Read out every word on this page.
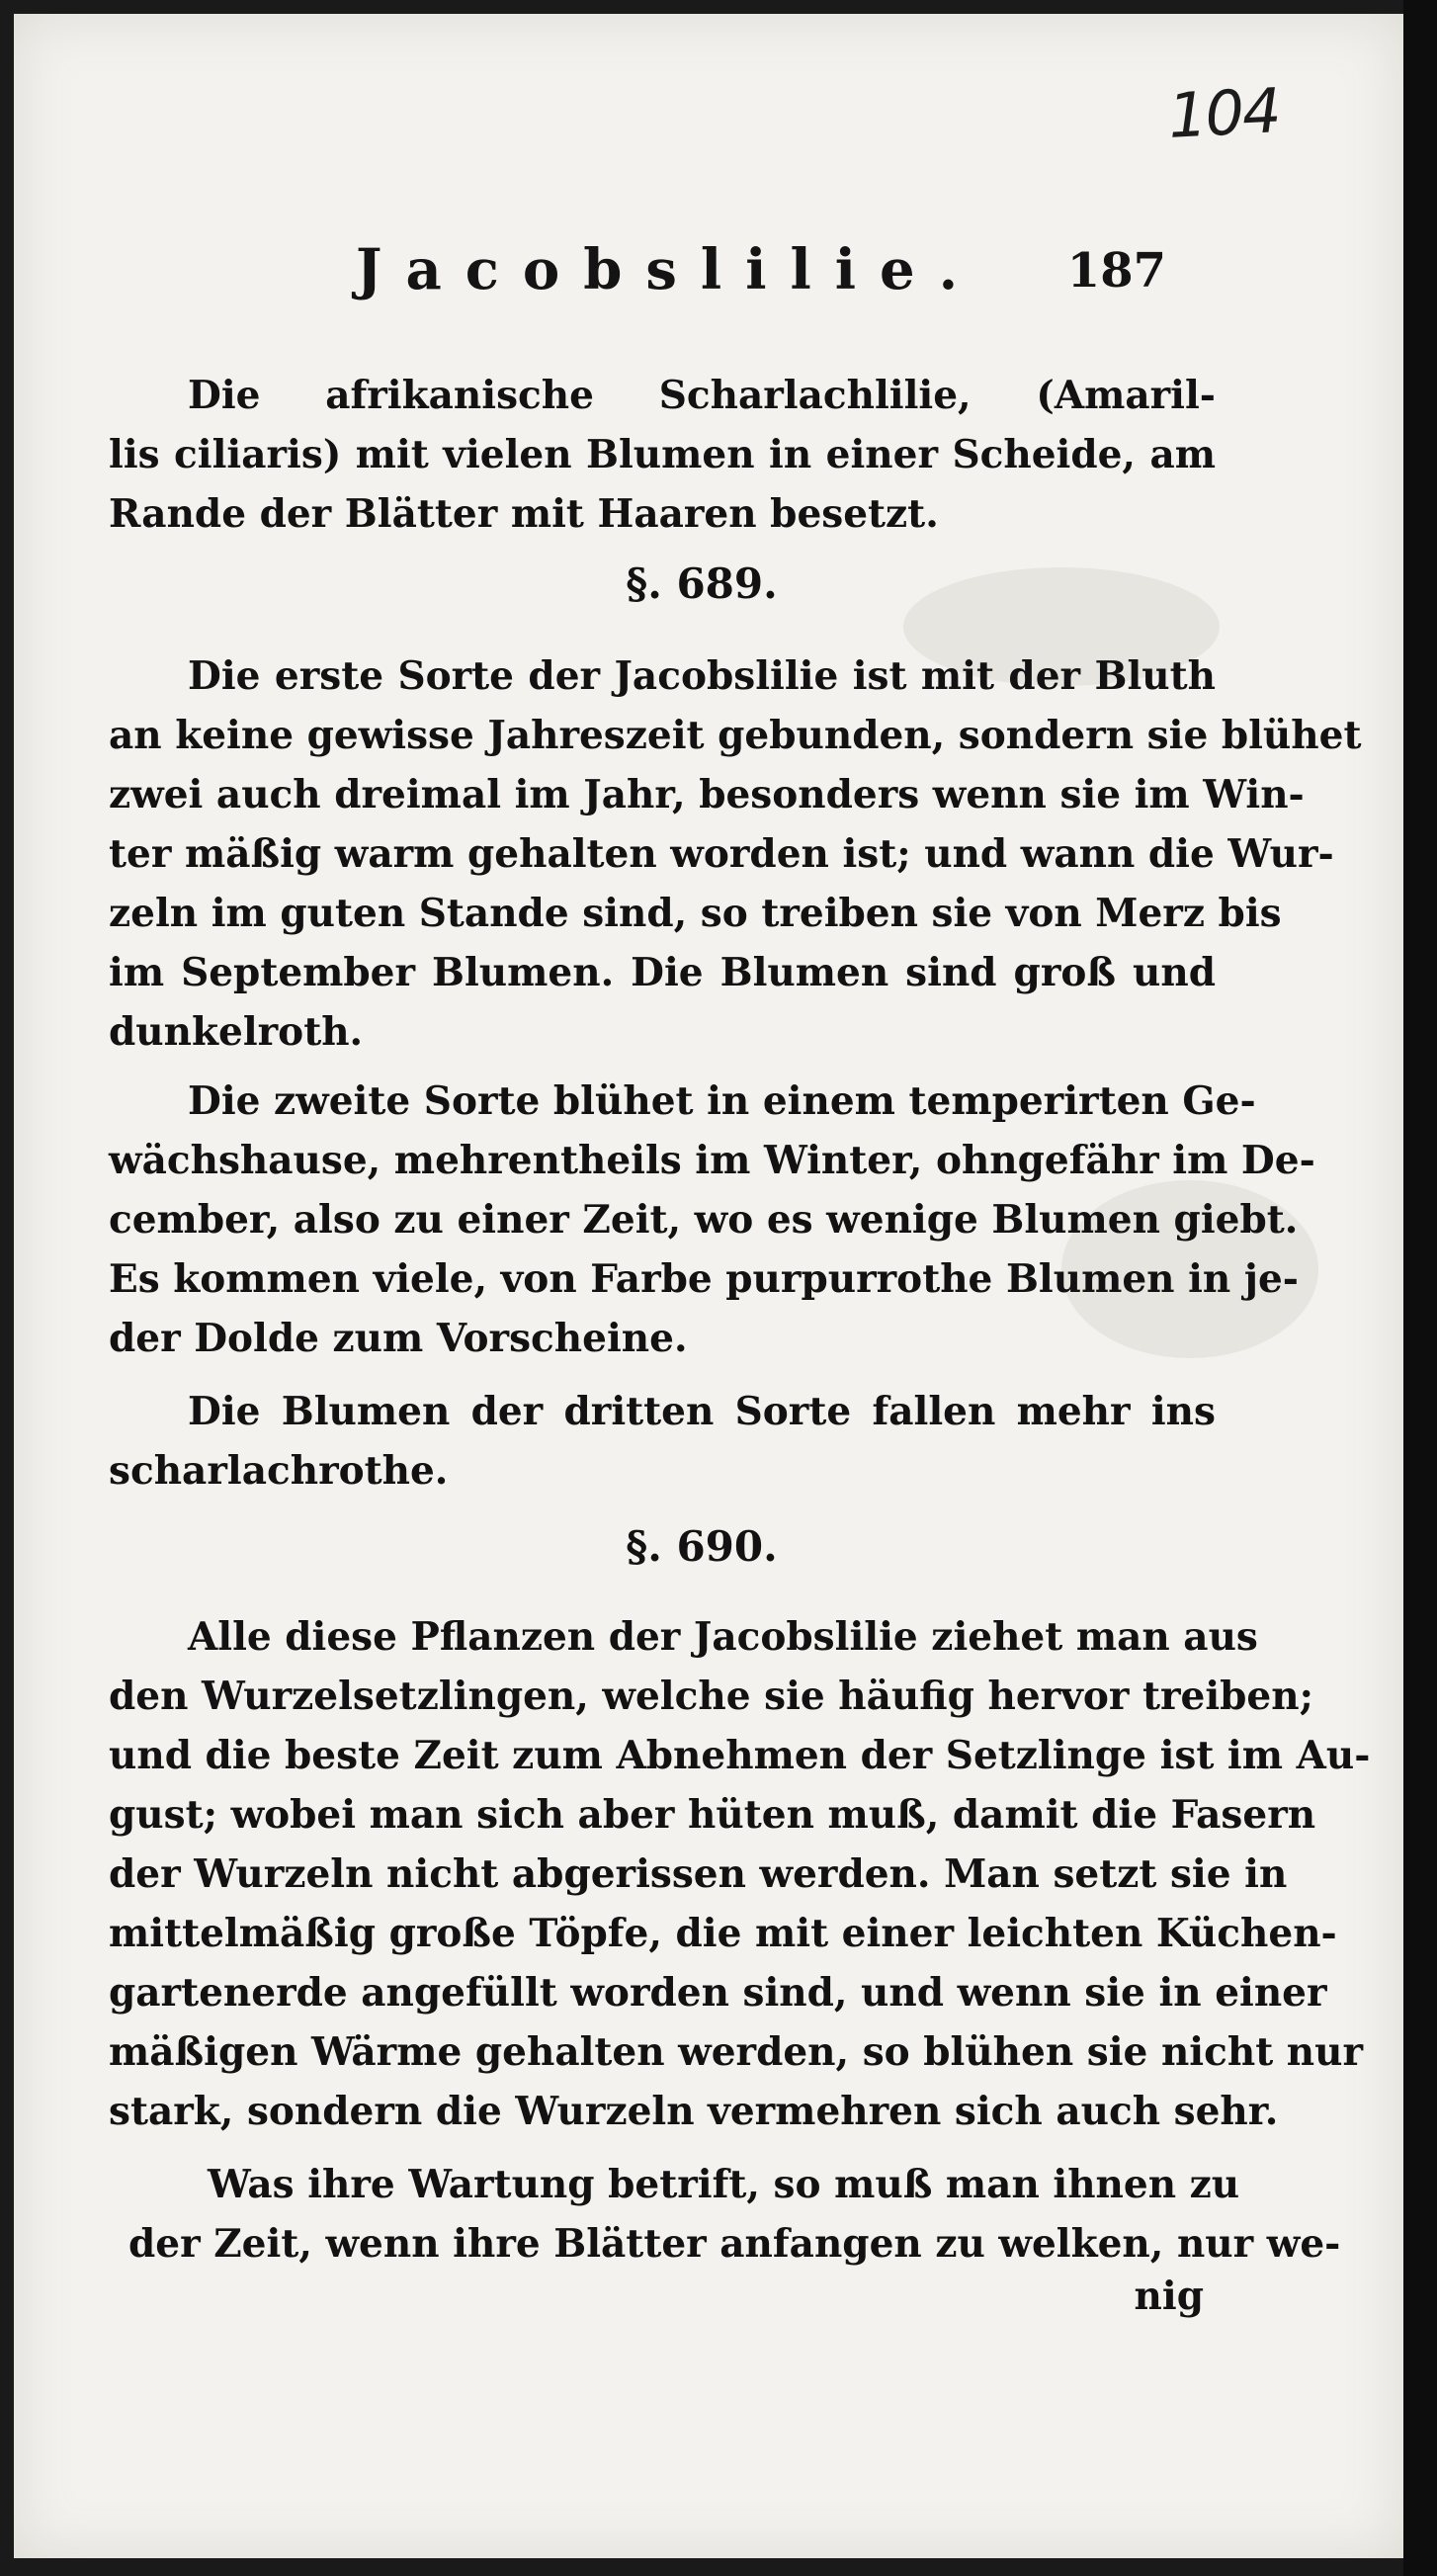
104
Jacobslilie. 187
Die afrikanische Scharlachlilie, (Amaril-
lis ciliaris) mit vielen Blumen in einer Scheide, am
Rande der Blätter mit Haaren besetzt.
§. 689.
Die erste Sorte der Jacobslilie ist mit der Bluth
an keine gewisse Jahreszeit gebunden, sondern sie blühet
zwei auch dreimal im Jahr, besonders wenn sie im Win-
ter mäßig warm gehalten worden ist; und wann die Wur-
zeln im guten Stande sind, so treiben sie von Merz bis
im September Blumen. Die Blumen sind groß und
dunkelroth.
Die zweite Sorte blühet in einem temperirten Ge-
wächshause, mehrentheils im Winter, ohngefähr im De-
cember, also zu einer Zeit, wo es wenige Blumen giebt.
Es kommen viele, von Farbe purpurrothe Blumen in je-
der Dolde zum Vorscheine.
Die Blumen der dritten Sorte fallen mehr ins
scharlachrothe.
§. 690.
Alle diese Pflanzen der Jacobslilie ziehet man aus
den Wurzelsetzlingen, welche sie häufig hervor treiben;
und die beste Zeit zum Abnehmen der Setzlinge ist im Au-
gust; wobei man sich aber hüten muß, damit die Fasern
der Wurzeln nicht abgerissen werden. Man setzt sie in
mittelmäßig große Töpfe, die mit einer leichten Küchen-
gartenerde angefüllt worden sind, und wenn sie in einer
mäßigen Wärme gehalten werden, so blühen sie nicht nur
stark, sondern die Wurzeln vermehren sich auch sehr.
Was ihre Wartung betrift, so muß man ihnen zu
der Zeit, wenn ihre Blätter anfangen zu welken, nur we-
nig
